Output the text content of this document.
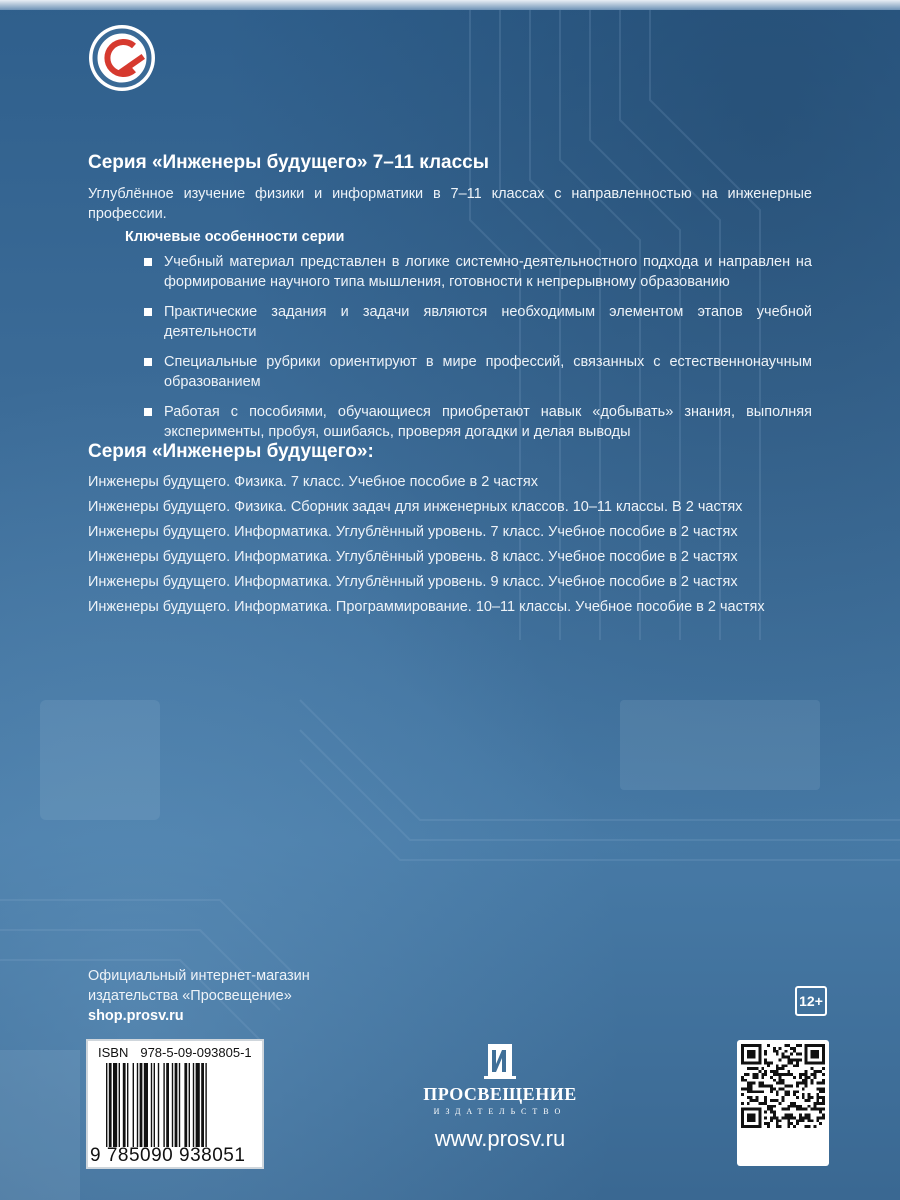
Серия «Инженеры будущего» 7–11 классы
Углублённое изучение физики и информатики в 7–11 классах с направленностью на инженерные профессии.
Ключевые особенности серии
Учебный материал представлен в логике системно-деятельностного подхода и направлен на формирование научного типа мышления, готовности к непрерывному образованию
Практические задания и задачи являются необходимым элементом этапов учебной деятельности
Специальные рубрики ориентируют в мире профессий, связанных с естественнонаучным образованием
Работая с пособиями, обучающиеся приобретают навык «добывать» знания, выполняя эксперименты, пробуя, ошибаясь, проверяя догадки и делая выводы
Серия «Инженеры будущего»:
Инженеры будущего. Физика. 7 класс. Учебное пособие в 2 частях
Инженеры будущего. Физика. Сборник задач для инженерных классов. 10–11 классы. В 2 частях
Инженеры будущего. Информатика. Углублённый уровень. 7 класс. Учебное пособие в 2 частях
Инженеры будущего. Информатика. Углублённый уровень. 8 класс. Учебное пособие в 2 частях
Инженеры будущего. Информатика. Углублённый уровень. 9 класс. Учебное пособие в 2 частях
Инженеры будущего. Информатика. Программирование. 10–11 классы. Учебное пособие в 2 частях
Официальный интернет-магазин
издательства «Просвещение»
shop.prosv.ru
12+
ISBN 978-5-09-093805-1
9 785090 938051
ПРОСВЕЩЕНИЕ
ИЗДАТЕЛЬСТВО
www.prosv.ru
